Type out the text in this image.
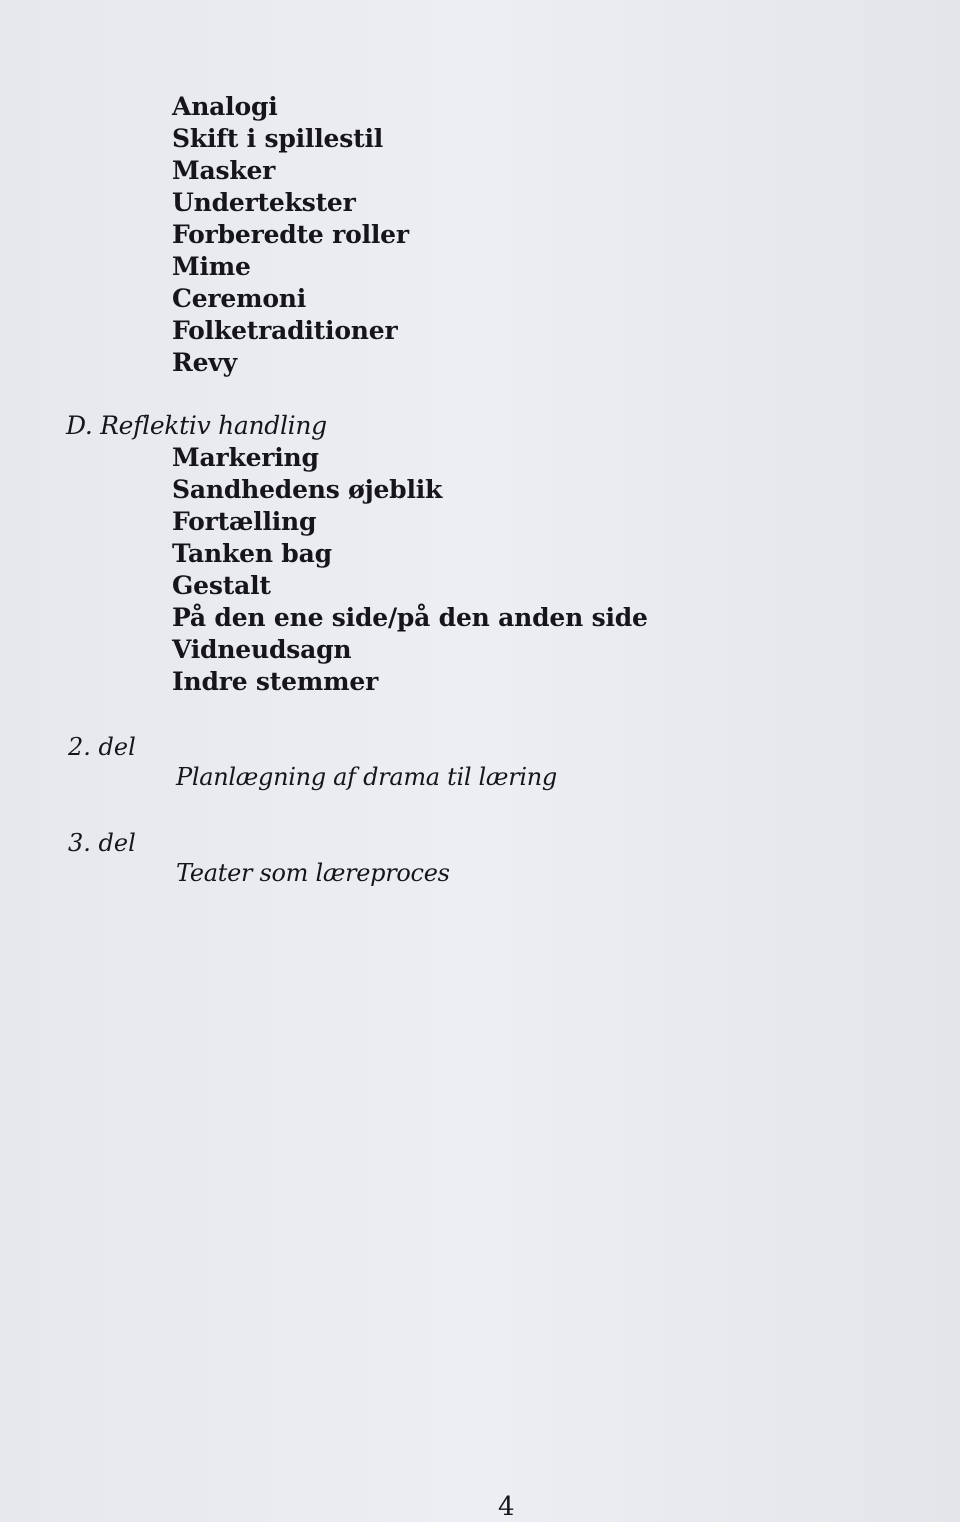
Analogi
Skift i spillestil
Masker
Undertekster
Forberedte roller
Mime
Ceremoni
Folketraditioner
Revy
D. Reflektiv handling
Markering
Sandhedens øjeblik
Fortælling
Tanken bag
Gestalt
På den ene side/på den anden side
Vidneudsagn
Indre stemmer
2. del
Planlægning af drama til læring
3. del
Teater som læreproces
4
